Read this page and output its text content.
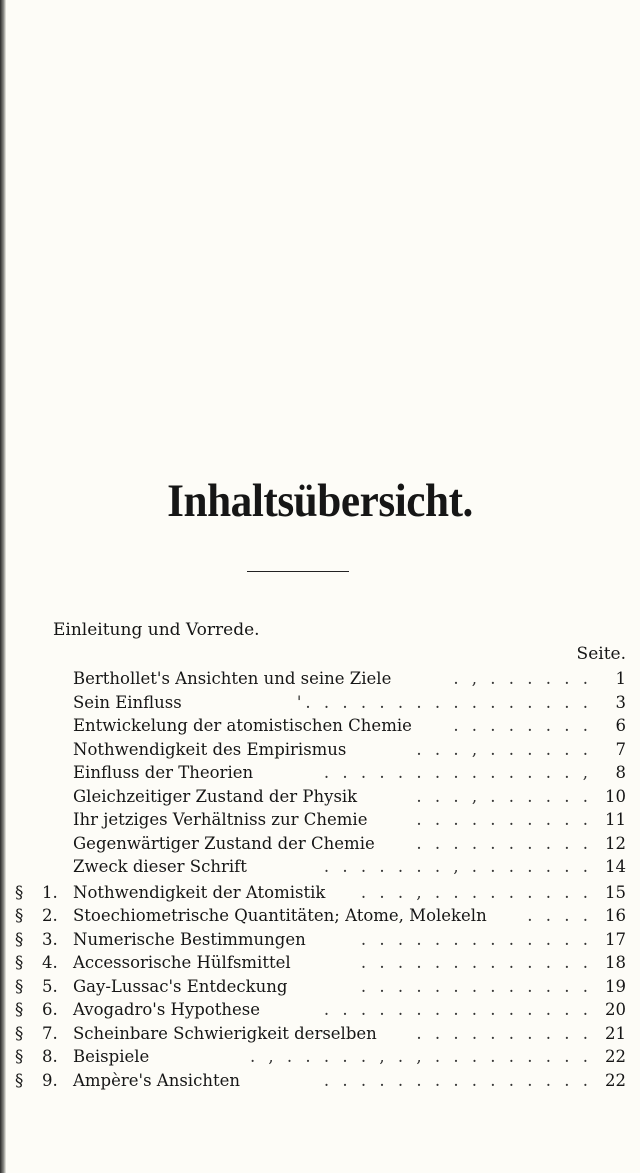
Inhaltsübersicht.
Einleitung und Vorrede.
Seite.
Berthollet's Ansichten und seine Ziele	. , . . . . . .	1
Sein Einfluss	'. . . . . . . . . . . . . . . .	3
Entwickelung der atomistischen Chemie	. . . . . . . .	6
Nothwendigkeit des Empirismus	. . . , . . . . . .	7
Einfluss der Theorien	. . . . . . . . . . . . . . ,	8
Gleichzeitiger Zustand der Physik	. . . , . . . . . . 10
Ihr jetziges Verhältniss zur Chemie	. . . . . . . . . . 11
Gegenwärtiger Zustand der Chemie	. . . . . . . . . . 12
Zweck dieser Schrift	. . . . . . . , . . . . . . . 14
§	1. Nothwendigkeit der Atomistik . . . , . . . . . . . . . 15
§	2. Stoechiometrische Quantitäten; Atome, Molekeln . . . . 16
§	3. Numerische Bestimmungen	. . . . . . . . . . . . . 17
§	4. Accessorische Hülfsmittel	. . . . . . . . . . . . . 18
§	5. Gay-Lussac's Entdeckung	. . . . . . . . . . . . . 19
§	6. Avogadro's Hypothese	. . . . . . . . . . . . . . . 20
§	7. Scheinbare Schwierigkeit derselben . . . . . . . . . . 21
§	8. Beispiele	. , . . . . . , . , . . . . . . . . . 22
§	9. Ampère's Ansichten	. . . . . . . . . . . . . . . 22
